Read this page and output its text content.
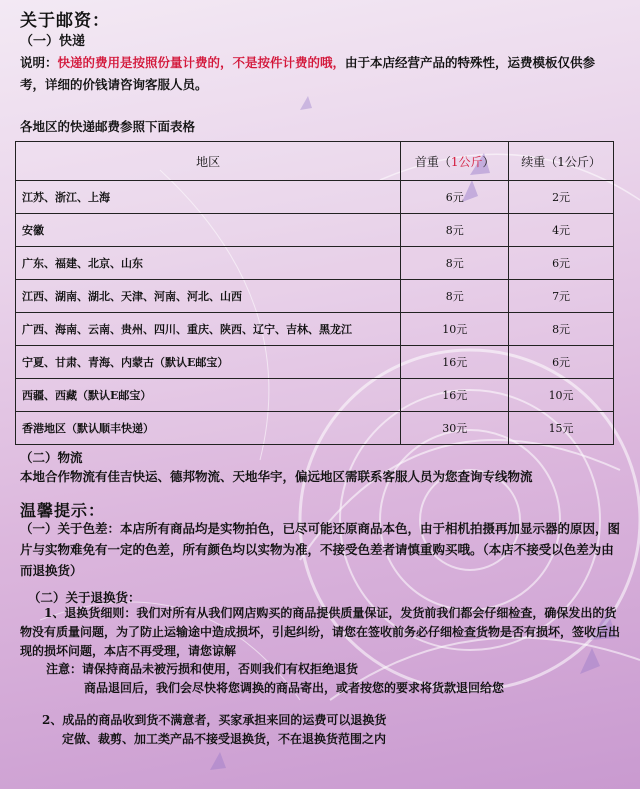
关于邮资：
（一）快递
说明：快递的费用是按照份量计费的，不是按件计费的哦，由于本店经营产品的特殊性，运费模板仅供参考，详细的价钱请咨询客服人员。
各地区的快递邮费参照下面表格
地区	首重（1公斤）	续重（1公斤）
江苏、浙江、上海	6元	2元
安徽	8元	4元
广东、福建、北京、山东	8元	6元
江西、湖南、湖北、天津、河南、河北、山西	8元	7元
广西、海南、云南、贵州、四川、重庆、陕西、辽宁、吉林、黑龙江	10元	8元
宁夏、甘肃、青海、内蒙古（默认E邮宝）	16元	6元
西疆、西藏（默认E邮宝）	16元	10元
香港地区（默认顺丰快递）	30元	15元
（二）物流
本地合作物流有佳吉快运、德邦物流、天地华宇，偏远地区需联系客服人员为您查询专线物流
温馨提示：
（一）关于色差：本店所有商品均是实物拍色，已尽可能还原商品本色，由于相机拍摄再加显示器的原因，图片与实物难免有一定的色差，所有颜色均以实物为准，不接受色差者请慎重购买哦。（本店不接受以色差为由而退换货）
（二）关于退换货：
1、退换货细则：我们对所有从我们网店购买的商品提供质量保证，发货前我们都会仔细检查，确保发出的货物没有质量问题，为了防止运输途中造成损坏，引起纠纷，请您在签收前务必仔细检查货物是否有损坏，签收后出现的损坏问题，本店不再受理，请您谅解
注意：请保持商品未被污损和使用，否则我们有权拒绝退货
商品退回后，我们会尽快将您调换的商品寄出，或者按您的要求将货款退回给您
2、成品的商品收到货不满意者，买家承担来回的运费可以退换货
定做、裁剪、加工类产品不接受退换货，不在退换货范围之内
